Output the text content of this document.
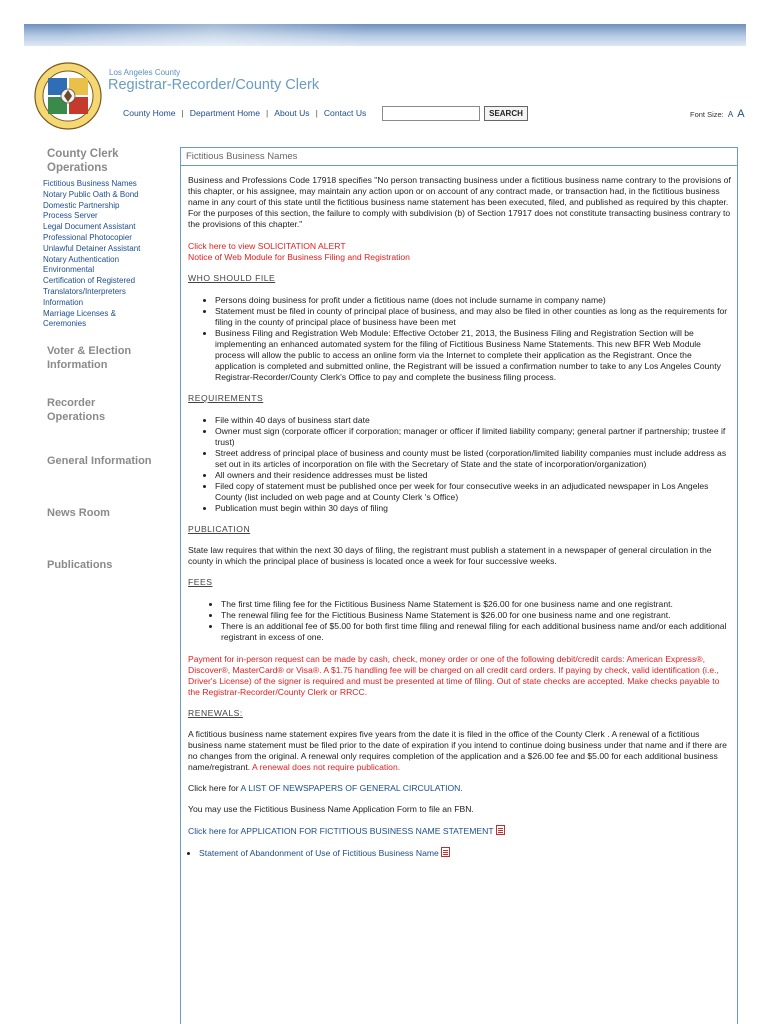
Los Angeles County
Registrar-Recorder/County Clerk
County Home | Department Home | About Us | Contact Us	SEARCH	Font Size: A A
County Clerk
Operations
Fictitious Business Names
Notary Public Oath & Bond
Domestic Partnership
Process Server
Legal Document Assistant
Professional Photocopier
Unlawful Detainer Assistant
Notary Authentication
Environmental
Certification of Registered
Translators/Interpreters
Information
Marriage Licenses &
Ceremonies
Voter & Election
Information
Recorder
Operations
General Information
News Room
Publications
Fictitious Business Names

Business and Professions Code 17918 specifies "No person transacting business under a fictitious business name contrary to the provisions of this chapter, or his assignee, may maintain any action upon or on account of any contract made, or transaction had, in the fictitious business name in any court of this state until the fictitious business name statement has been executed, filed, and published as required by this chapter. For the purposes of this section, the failure to comply with subdivision (b) of Section 17917 does not constitute transacting business contrary to the provisions of this chapter."

Click here to view SOLICITATION ALERT

Notice of Web Module for Business Filing and Registration

WHO SHOULD FILE

• Persons doing business for profit under a fictitious name (does not include surname in company name)
• Statement must be filed in county of principal place of business, and may also be filed in other counties as long as the requirements for filing in the county of principal place of business have been met
• Business Filing and Registration Web Module: Effective October 21, 2013, the Business Filing and Registration Section will be implementing an enhanced automated system for the filing of Fictitious Business Name Statements. This new BFR Web Module process will allow the public to access an online form via the Internet to complete their application as the Registrant. Once the application is completed and submitted online, the Registrant will be issued a confirmation number to take to any Los Angeles County Registrar-Recorder/County Clerk's Office to pay and complete the business filing process.

REQUIREMENTS

• File within 40 days of business start date
• Owner must sign (corporate officer if corporation; manager or officer if limited liability company; general partner if partnership; trustee if trust)
• Street address of principal place of business and county must be listed (corporation/limited liability companies must include address as set out in its articles of incorporation on file with the Secretary of State and the state of incorporation/organization)
• All owners and their residence addresses must be listed
• Filed copy of statement must be published once per week for four consecutive weeks in an adjudicated newspaper in Los Angeles County (list included on web page and at County Clerk 's Office)
• Publication must begin within 30 days of filing

PUBLICATION

State law requires that within the next 30 days of filing, the registrant must publish a statement in a newspaper of general circulation in the county in which the principal place of business is located once a week for four successive weeks.

FEES

• The first time filing fee for the Fictitious Business Name Statement is $26.00 for one business name and one registrant.
• The renewal filing fee for the Fictitious Business Name Statement is $26.00 for one business name and one registrant.
• There is an additional fee of $5.00 for both first time filing and renewal filing for each additional business name and/or each additional registrant in excess of one.

Payment for in-person request can be made by cash, check, money order or one of the following debit/credit cards: American Express®, Discover®, MasterCard® or Visa®. A $1.75 handling fee will be charged on all credit card orders. If paying by check, valid identification (i.e., Driver's License) of the signer is required and must be presented at time of filing. Out of state checks are accepted. Make checks payable to the Registrar-Recorder/County Clerk or RRCC.

RENEWALS:

A fictitious business name statement expires five years from the date it is filed in the office of the County Clerk . A renewal of a fictitious business name statement must be filed prior to the date of expiration if you intend to continue doing business under that name and if there are no changes from the original. A renewal only requires completion of the application and a $26.00 fee and $5.00 for each additional business name/registrant. A renewal does not require publication.

Click here for A LIST OF NEWSPAPERS OF GENERAL CIRCULATION.

You may use the Fictitious Business Name Application Form to file an FBN.

Click here for APPLICATION FOR FICTITIOUS BUSINESS NAME STATEMENT

• Statement of Abandonment of Use of Fictitious Business Name
